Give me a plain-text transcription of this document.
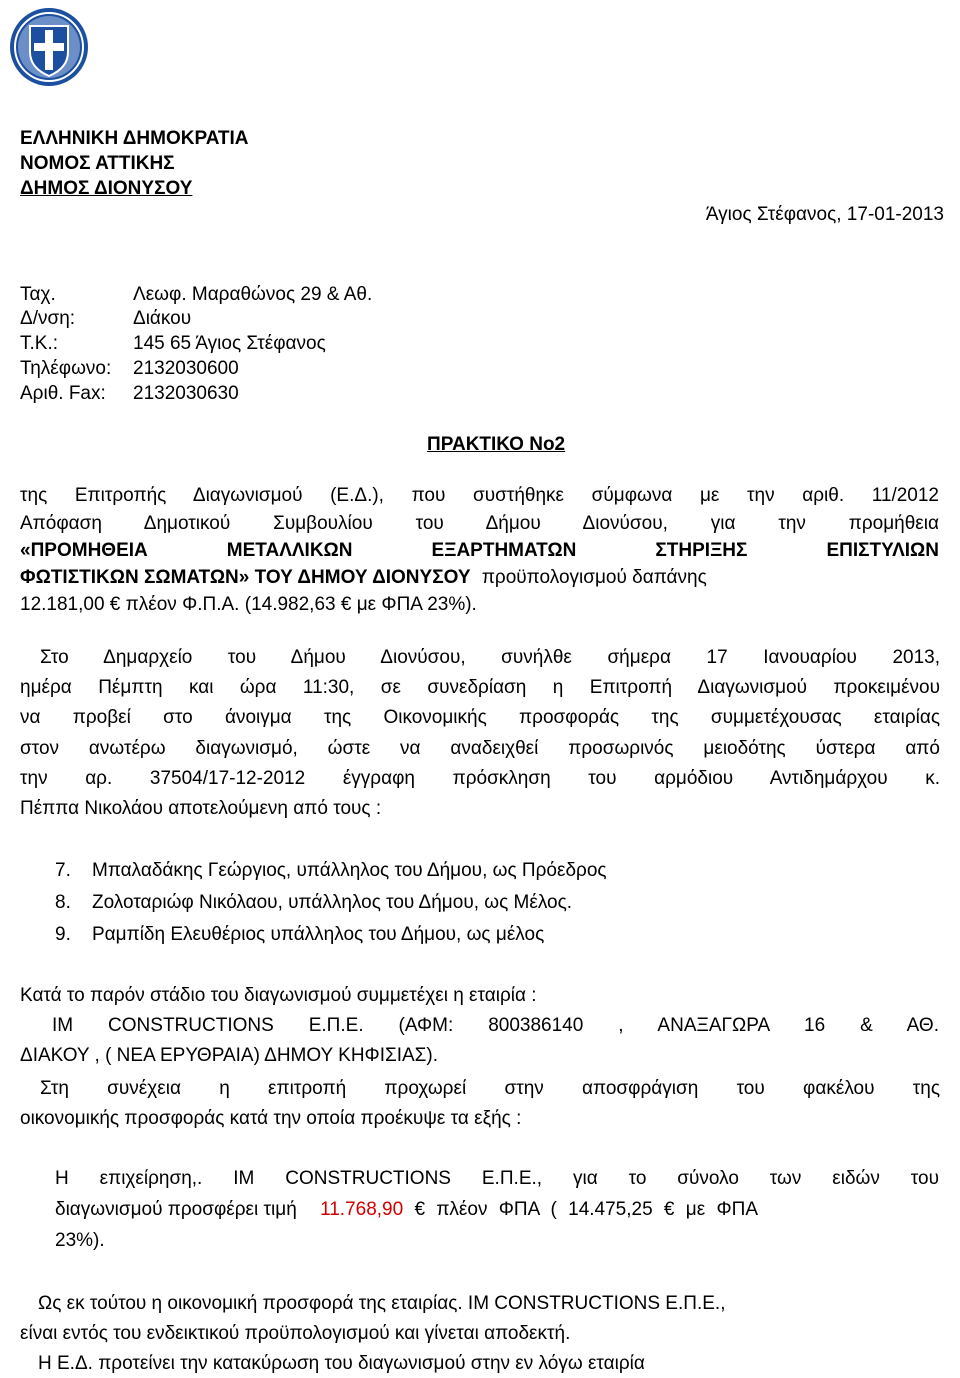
ΕΛΛΗΝΙΚΗ ΔΗΜΟΚΡΑΤΙΑ
ΝΟΜΟΣ ΑΤΤΙΚΗΣ
ΔΗΜΟΣ ΔΙΟΝΥΣΟΥ
Άγιος Στέφανος, 17-01-2013
Ταχ.	Λεωφ. Μαραθώνος 29 & Αθ.
Δ/νση:	Διάκου
Τ.Κ.:	145 65 Άγιος Στέφανος
Τηλέφωνο: 2132030600
Αριθ. Fax: 2132030630
ΠΡΑΚΤΙΚΟ Νο2
της Επιτροπής Διαγωνισμού (Ε.Δ.), που συστήθηκε σύμφωνα με την αριθ. 11/2012
Απόφαση Δημοτικού Συμβουλίου του Δήμου Διονύσου, για την προμήθεια
«ΠΡΟΜΗΘΕΙΑ ΜΕΤΑΛΛΙΚΩΝ ΕΞΑΡΤΗΜΑΤΩΝ ΣΤΗΡΙΞΗΣ ΕΠΙΣΤΥΛΙΩΝ
ΦΩΤΙΣΤΙΚΩΝ ΣΩΜΑΤΩΝ» ΤΟΥ ΔΗΜΟΥ ΔΙΟΝΥΣΟΥ προϋπολογισμού δαπάνης
12.181,00 € πλέον Φ.Π.Α. (14.982,63 € με ΦΠΑ 23%).
Στο Δημαρχείο του Δήμου Διονύσου, συνήλθε σήμερα 17 Ιανουαρίου 2013,
ημέρα Πέμπτη και ώρα 11:30, σε συνεδρίαση η Επιτροπή Διαγωνισμού προκειμένου
να προβεί στο άνοιγμα της Οικονομικής προσφοράς της συμμετέχουσας εταιρίας
στον ανωτέρω διαγωνισμό, ώστε να αναδειχθεί προσωρινός μειοδότης ύστερα από
την αρ. 37504/17-12-2012 έγγραφη πρόσκληση του αρμόδιου Αντιδημάρχου κ.
Πέππα Νικολάου αποτελούμενη από τους :
7. Μπαλαδάκης Γεώργιος, υπάλληλος του Δήμου, ως Πρόεδρος
8. Ζολοταριώφ Νικόλαου, υπάλληλος του Δήμου, ως Μέλος.
9. Ραμπίδη Ελευθέριος υπάλληλος του Δήμου, ως μέλος
Κατά το παρόν στάδιο του διαγωνισμού συμμετέχει η εταιρία :
ΙΜ CONSTRUCTIONS Ε.Π.Ε. (ΑΦΜ: 800386140 , ΑΝΑΞΑΓΩΡΑ 16 & ΑΘ.
ΔΙΑΚΟΥ , ( ΝΕΑ ΕΡΥΘΡΑΙΑ) ΔΗΜΟΥ ΚΗΦΙΣΙΑΣ).
Στη συνέχεια η επιτροπή προχωρεί στην αποσφράγιση του φακέλου της
οικονομικής προσφοράς κατά την οποία προέκυψε τα εξής :
Η επιχείρηση,. ΙΜ CONSTRUCTIONS Ε.Π.Ε., για το σύνολο των ειδών του
διαγωνισμού προσφέρει τιμή 11.768,90 € πλέον ΦΠΑ ( 14.475,25 € με ΦΠΑ
23%).
Ως εκ τούτου η οικονομική προσφορά της εταιρίας. ΙΜ CONSTRUCTIONS Ε.Π.Ε.,
είναι εντός του ενδεικτικού προϋπολογισμού και γίνεται αποδεκτή.
Η Ε.Δ. προτείνει την κατακύρωση του διαγωνισμού στην εν λόγω εταιρία
